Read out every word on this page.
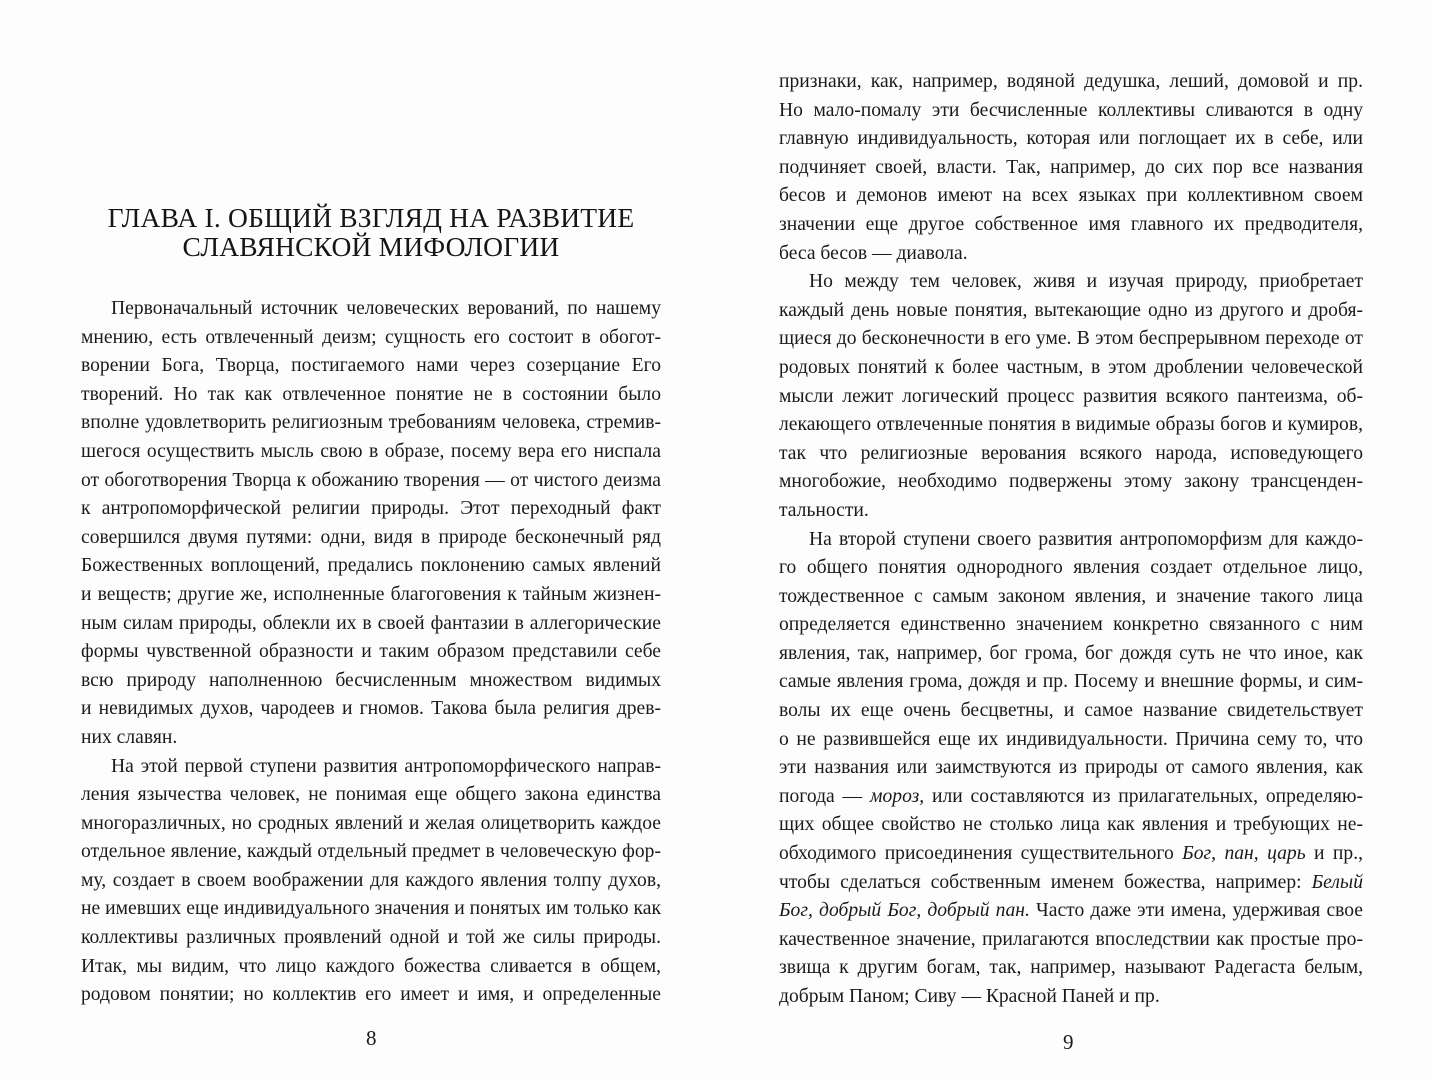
ГЛАВА I. ОБЩИЙ ВЗГЛЯД НА РАЗВИТИЕ
СЛАВЯНСКОЙ МИФОЛОГИИ
Первоначальный источник человеческих верований, по нашему
мнению, есть отвлеченный деизм; сущность его состоит в обогот-
ворении Бога, Творца, постигаемого нами через созерцание Его
творений. Но так как отвлеченное понятие не в состоянии было
вполне удовлетворить религиозным требованиям человека, стремив-
шегося осуществить мысль свою в образе, посему вера его ниспала
от обоготворения Творца к обожанию творения — от чистого деизма
к антропоморфической религии природы. Этот переходный факт
совершился двумя путями: одни, видя в природе бесконечный ряд
Божественных воплощений, предались поклонению самых явлений
и веществ; другие же, исполненные благоговения к тайным жизнен-
ным силам природы, облекли их в своей фантазии в аллегорические
формы чувственной образности и таким образом представили себе
всю природу наполненною бесчисленным множеством видимых
и невидимых духов, чародеев и гномов. Такова была религия древ-
них славян.
На этой первой ступени развития антропоморфического направ-
ления язычества человек, не понимая еще общего закона единства
многоразличных, но сродных явлений и желая олицетворить каждое
отдельное явление, каждый отдельный предмет в человеческую фор-
му, создает в своем воображении для каждого явления толпу духов,
не имевших еще индивидуального значения и понятых им только как
коллективы различных проявлений одной и той же силы природы.
Итак, мы видим, что лицо каждого божества сливается в общем,
родовом понятии; но коллектив его имеет и имя, и определенные
8
признаки, как, например, водяной дедушка, леший, домовой и пр.
Но мало-помалу эти бесчисленные коллективы сливаются в одну
главную индивидуальность, которая или поглощает их в себе, или
подчиняет своей, власти. Так, например, до сих пор все названия
бесов и демонов имеют на всех языках при коллективном своем
значении еще другое собственное имя главного их предводителя,
беса бесов — диавола.
Но между тем человек, живя и изучая природу, приобретает
каждый день новые понятия, вытекающие одно из другого и дробя-
щиеся до бесконечности в его уме. В этом беспрерывном переходе от
родовых понятий к более частным, в этом дроблении человеческой
мысли лежит логический процесс развития всякого пантеизма, об-
лекающего отвлеченные понятия в видимые образы богов и кумиров,
так что религиозные верования всякого народа, исповедующего
многобожие, необходимо подвержены этому закону трансценден-
тальности.
На второй ступени своего развития антропоморфизм для каждо-
го общего понятия однородного явления создает отдельное лицо,
тождественное с самым законом явления, и значение такого лица
определяется единственно значением конкретно связанного с ним
явления, так, например, бог грома, бог дождя суть не что иное, как
самые явления грома, дождя и пр. Посему и внешние формы, и сим-
волы их еще очень бесцветны, и самое название свидетельствует
о не развившейся еще их индивидуальности. Причина сему то, что
эти названия или заимствуются из природы от самого явления, как
погода — мороз, или составляются из прилагательных, определяю-
щих общее свойство не столько лица как явления и требующих не-
обходимого присоединения существительного Бог, пан, царь и пр.,
чтобы сделаться собственным именем божества, например: Белый
Бог, добрый Бог, добрый пан. Часто даже эти имена, удерживая свое
качественное значение, прилагаются впоследствии как простые про-
звища к другим богам, так, например, называют Радегаста белым,
добрым Паном; Сиву — Красной Паней и пр.
9
